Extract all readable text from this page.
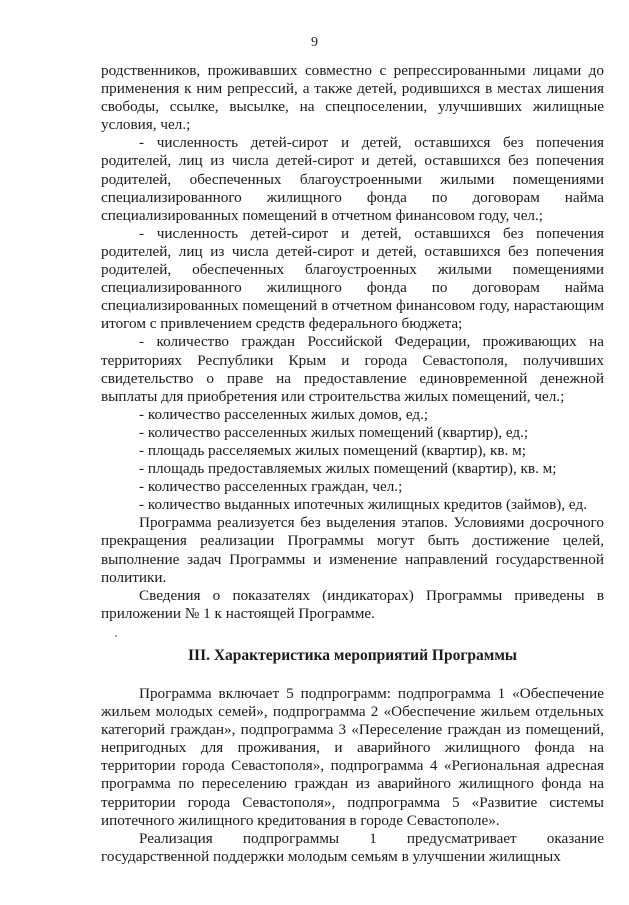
9

родственников, проживавших совместно с репрессированными лицами до применения к ним репрессий, а также детей, родившихся в местах лишения свободы, ссылке, высылке, на спецпоселении, улучшивших жилищные условия, чел.;

- численность детей-сирот и детей, оставшихся без попечения родителей, лиц из числа детей-сирот и детей, оставшихся без попечения родителей, обеспеченных благоустроенными жилыми помещениями специализированного жилищного фонда по договорам найма специализированных помещений в отчетном финансовом году, чел.;

- численность детей-сирот и детей, оставшихся без попечения родителей, лиц из числа детей-сирот и детей, оставшихся без попечения родителей, обеспеченных благоустроенных жилыми помещениями специализированного жилищного фонда по договорам найма специализированных помещений в отчетном финансовом году, нарастающим итогом с привлечением средств федерального бюджета;

- количество граждан Российской Федерации, проживающих на территориях Республики Крым и города Севастополя, получивших свидетельство о праве на предоставление единовременной денежной выплаты для приобретения или строительства жилых помещений, чел.;

- количество расселенных жилых домов, ед.;

- количество расселенных жилых помещений (квартир), ед.;

- площадь расселяемых жилых помещений (квартир), кв. м;

- площадь предоставляемых жилых помещений (квартир), кв. м;

- количество расселенных граждан, чел.;

- количество выданных ипотечных жилищных кредитов (займов), ед.

Программа реализуется без выделения этапов. Условиями досрочного прекращения реализации Программы могут быть достижение целей, выполнение задач Программы и изменение направлений государственной политики.

Сведения о показателях (индикаторах) Программы приведены в приложении № 1 к настоящей Программе.

III. Характеристика мероприятий Программы

Программа включает 5 подпрограмм: подпрограмма 1 «Обеспечение жильем молодых семей», подпрограмма 2 «Обеспечение жильем отдельных категорий граждан», подпрограмма 3 «Переселение граждан из помещений, непригодных для проживания, и аварийного жилищного фонда на территории города Севастополя», подпрограмма 4 «Региональная адресная программа по переселению граждан из аварийного жилищного фонда на территории города Севастополя», подпрограмма 5 «Развитие системы ипотечного жилищного кредитования в городе Севастополе».

Реализация подпрограммы 1 предусматривает оказание государственной поддержки молодым семьям в улучшении жилищных
